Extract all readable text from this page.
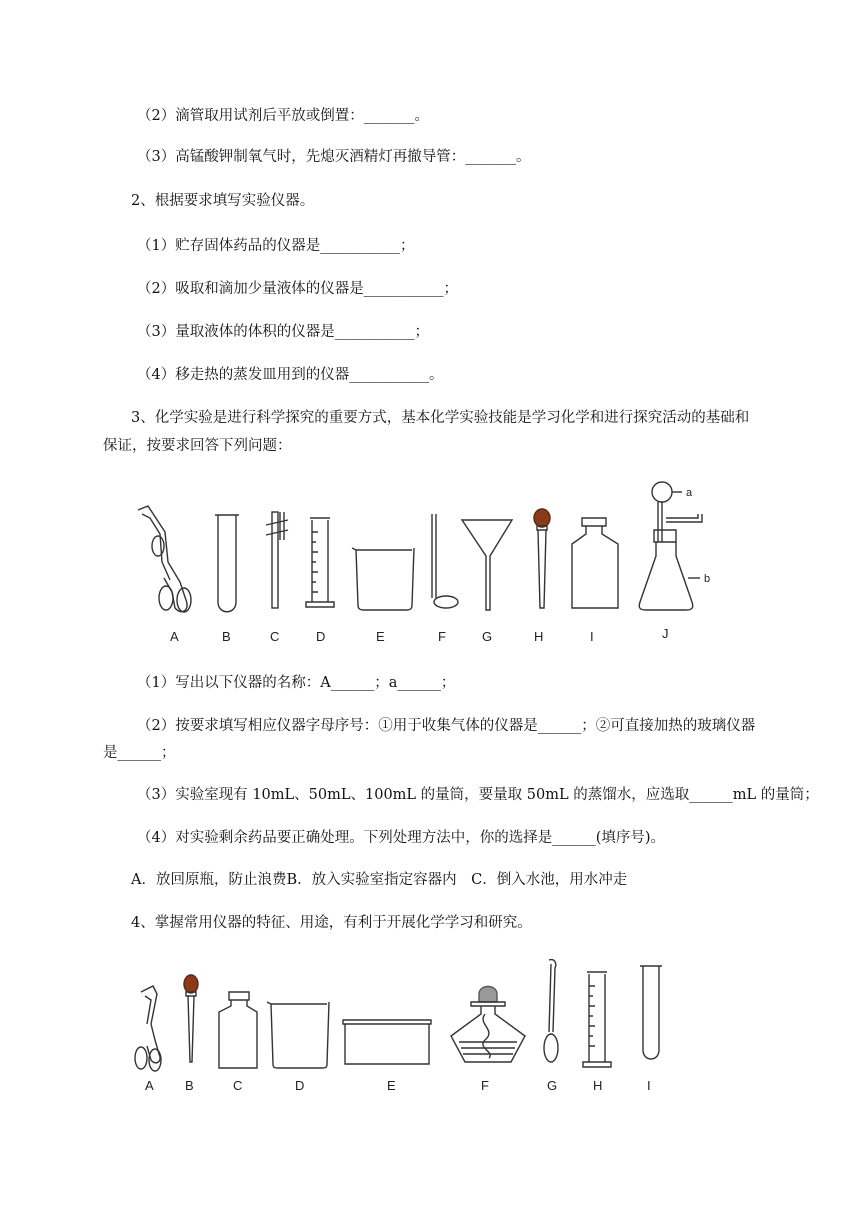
（2）滴管取用试剂后平放或倒置：_______。
（3）高锰酸钾制氧气时，先熄灭酒精灯再撤导管：_______。
2、根据要求填写实验仪器。
（1）贮存固体药品的仪器是___________；
（2）吸取和滴加少量液体的仪器是___________；
（3）量取液体的体积的仪器是___________；
（4）移走热的蒸发皿用到的仪器___________。
3、化学实验是进行科学探究的重要方式，基本化学实验技能是学习化学和进行探究活动的基础和
保证，按要求回答下列问题：
a
b
A	B	C	D	E	F	G	H	I	J
（1）写出以下仪器的名称：A______；a______；
（2）按要求填写相应仪器字母序号：①用于收集气体的仪器是______；②可直接加热的玻璃仪器
是______；
（3）实验室现有 10mL、50mL、100mL 的量筒，要量取 50mL 的蒸馏水，应选取______mL 的量筒；
（4）对实验剩余药品要正确处理。下列处理方法中，你的选择是______(填序号)。
A．放回原瓶，防止浪费B．放入实验室指定容器内　C．倒入水池，用水冲走
4、掌握常用仪器的特征、用途，有利于开展化学学习和研究。
A B	C	D	E	F	G	H	I
